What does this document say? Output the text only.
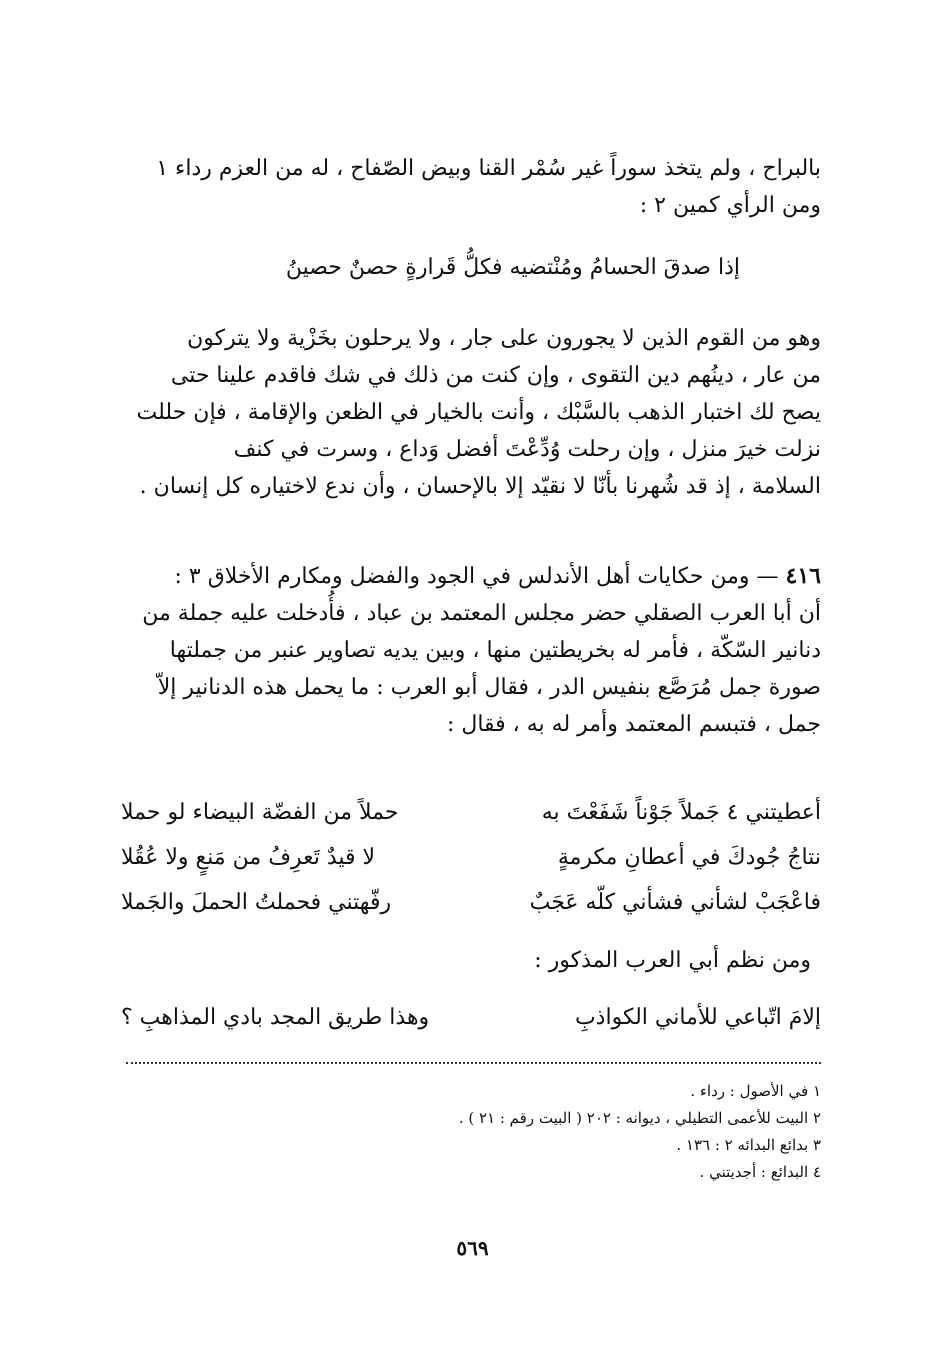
بالبراح ، ولم يتخذ سوراً غير سُمْر القنا وبيض الصّفاح ، له من العزم رداء ١
ومن الرأي كمين ٢ :
إذا صدقَ الحسامُ ومُنْتضيه فكلُّ قَرارةٍ حصنٌ حصينُ
وهو من القوم الذين لا يجورون على جار ، ولا يرحلون بخَزْية ولا يتركون
من عار ، دينُهم دين التقوى ، وإن كنت من ذلك في شك فاقدم علينا حتى
يصح لك اختبار الذهب بالسَّبْك ، وأنت بالخيار في الظعن والإقامة ، فإن حللت
نزلت خيرَ منزل ، وإن رحلت وُدِّعْتَ أفضل وَداع ، وسرت في كنف
السلامة ، إذ قد شُهرنا بأنّا لا نقيّد إلا بالإحسان ، وأن ندع لاختياره كل إنسان .
٤١٦ — ومن حكايات أهل الأندلس في الجود والفضل ومكارم الأخلاق ٣ :
أن أبا العرب الصقلي حضر مجلس المعتمد بن عباد ، فأُدخلت عليه جملة من
دنانير السّكّة ، فأمر له بخريطتين منها ، وبين يديه تصاوير عنبر من جملتها
صورة جمل مُرَصَّع بنفيس الدر ، فقال أبو العرب : ما يحمل هذه الدنانير إلاّ
جمل ، فتبسم المعتمد وأمر له به ، فقال :
أعطيتني ٤ جَملاً جَوْناً شَفَعْتَ به
حملاً من الفضّة البيضاء لو حملا
نتاجُ جُودكَ في أعطانِ مكرمةٍ
لا قيدٌ تَعرِفُ من مَنعٍ ولا عُقُلا
فاعْجَبْ لشأني فشأني كلّه عَجَبٌ
رفّهتني فحملتُ الحملَ والجَملا
ومن نظم أبي العرب المذكور :
إلامَ اتّباعي للأماني الكواذبِ
وهذا طريق المجد بادي المذاهبِ ؟
١ في الأصول : رداء .
٢ البيت للأعمى التطيلي ، ديوانه : ٢٠٢ ( البيت رقم : ٢١ ) .
٣ بدائع البدائه ٢ : ١٣٦ .
٤ البدائع : أجديتني .
٥٦٩
